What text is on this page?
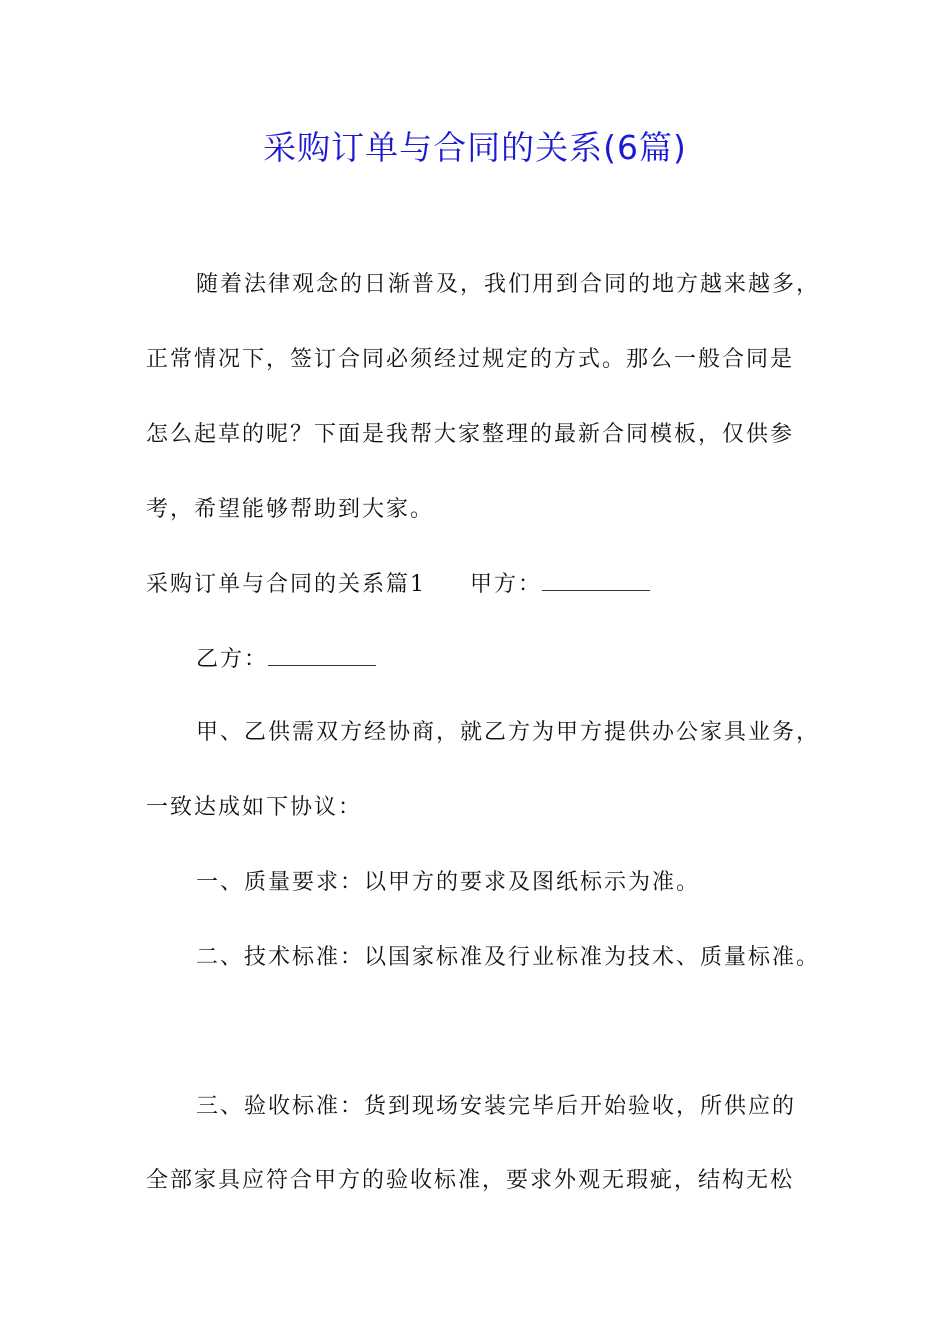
采购订单与合同的关系(6篇)
随着法律观念的日渐普及，我们用到合同的地方越来越多，
正常情况下，签订合同必须经过规定的方式。那么一般合同是
怎么起草的呢？下面是我帮大家整理的最新合同模板，仅供参
考，希望能够帮助到大家。
采购订单与合同的关系篇1 甲方：
乙方：
甲、乙供需双方经协商，就乙方为甲方提供办公家具业务，
一致达成如下协议：
一、质量要求：以甲方的要求及图纸标示为准。
二、技术标准：以国家标准及行业标准为技术、质量标准。
三、验收标准：货到现场安装完毕后开始验收，所供应的
全部家具应符合甲方的验收标准，要求外观无瑕疵，结构无松
